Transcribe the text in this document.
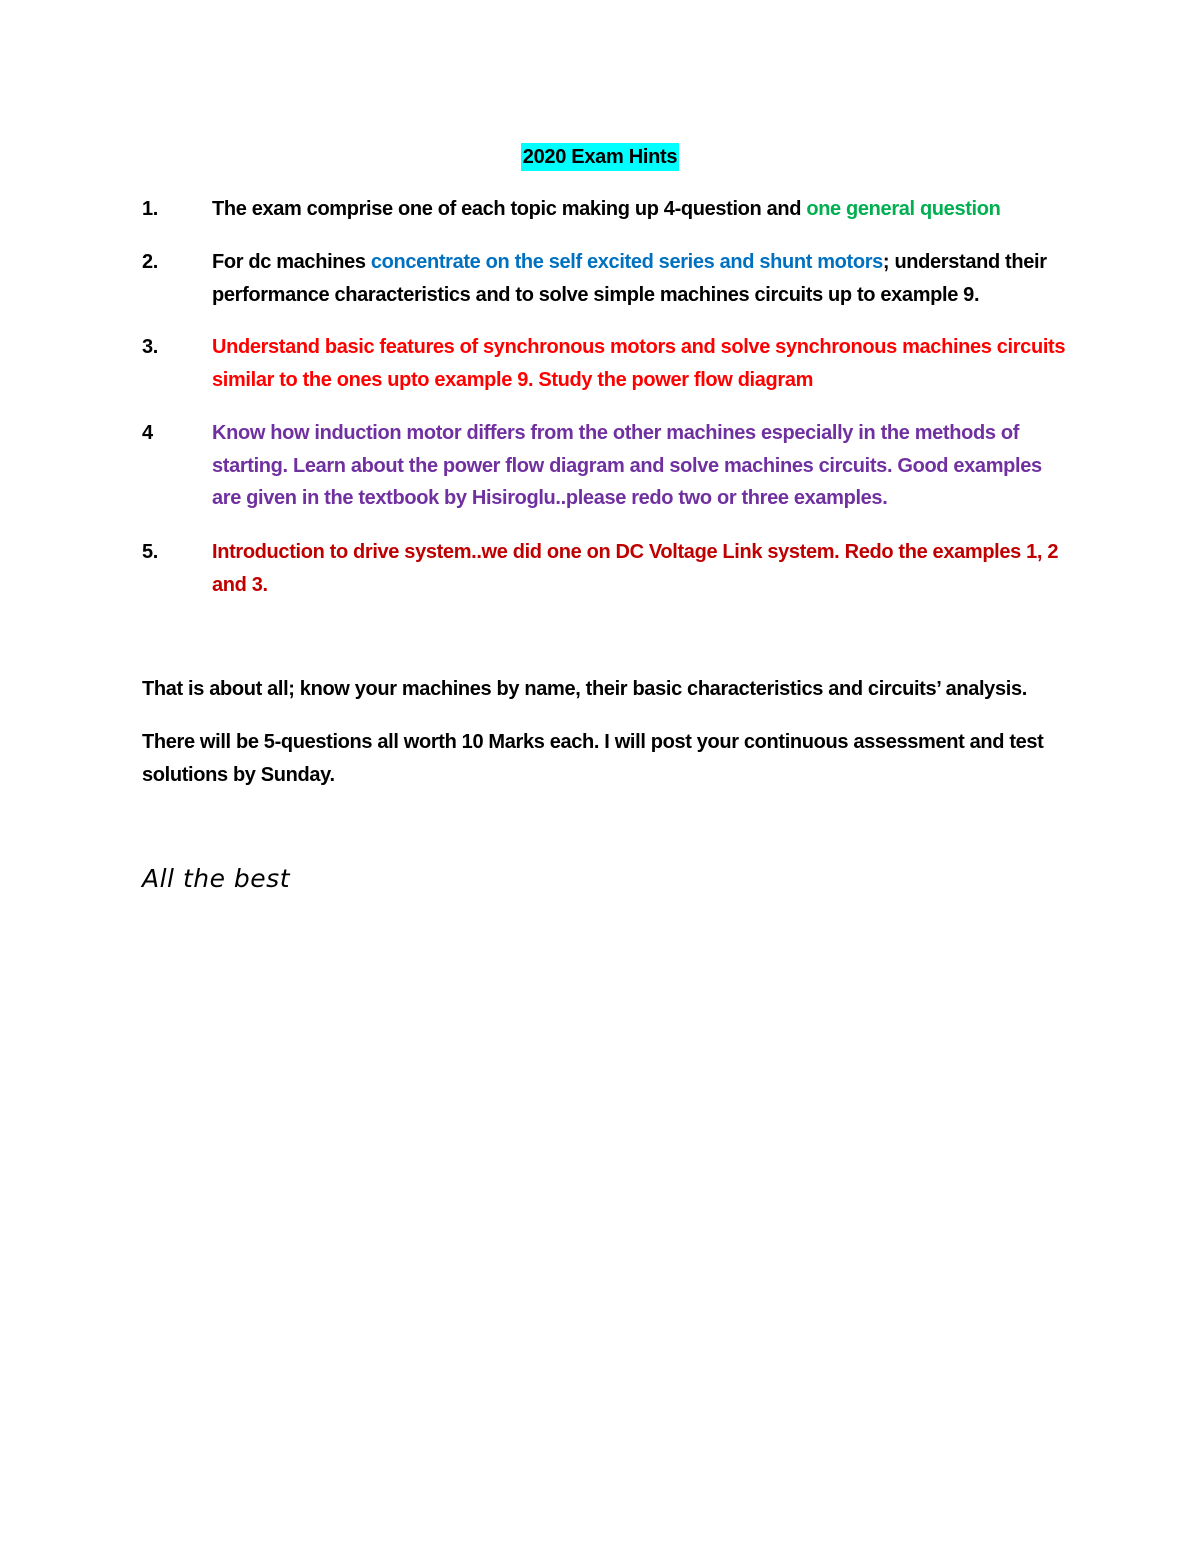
2020 Exam Hints
1.	The exam comprise one of each topic making up 4-question and one general question
2.	For dc machines concentrate on the self excited series and shunt motors; understand their performance characteristics and to solve simple machines circuits up to example 9.
3.	Understand basic features of synchronous motors and solve synchronous machines circuits similar to the ones upto example 9. Study the power flow diagram
4	Know how induction motor differs from the other machines especially in the methods of starting. Learn about the power flow diagram and solve machines circuits. Good examples are given in the textbook by Hisiroglu..please redo two or three examples.
5.	Introduction to drive system..we did one on DC Voltage Link system. Redo the examples 1, 2 and 3.
That is about all; know your machines by name, their basic characteristics and circuits’ analysis.
There will be 5-questions all worth 10 Marks each. I will post your continuous assessment and test solutions by Sunday.
All the best
